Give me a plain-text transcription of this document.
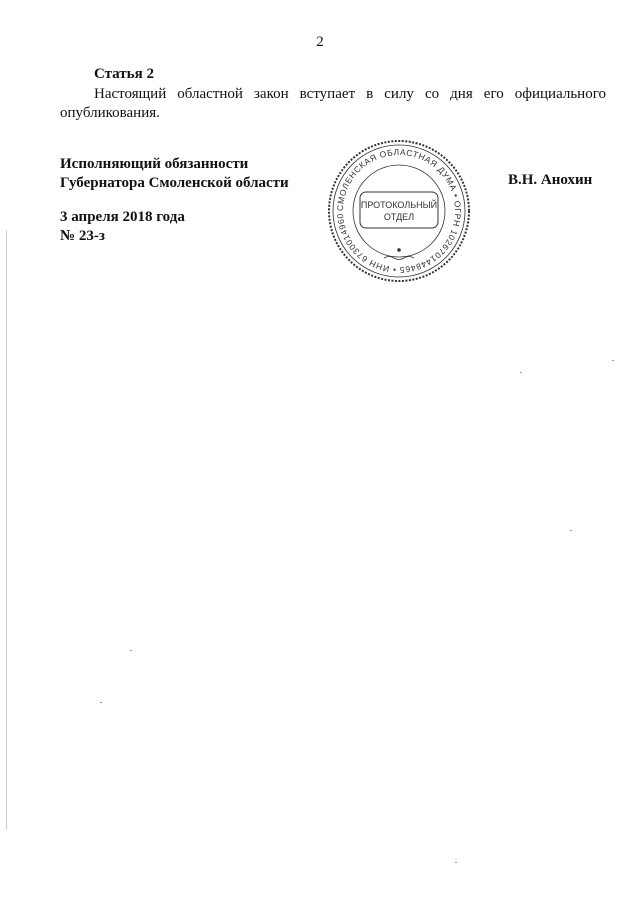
2
Статья 2

Настоящий областной закон вступает в силу со дня его официального опубликования.

Исполняющий обязанности
Губернатора Смоленской области	В.Н. Анохин
3 апреля 2018 года
№ 23-з
СМОЛЕНСКАЯ ОБЛАСТНАЯ ДУМА • ОГРН 1026701448465 • ИНН 6730014960
ПРОТОКОЛЬНЫЙ
ОТДЕЛ
